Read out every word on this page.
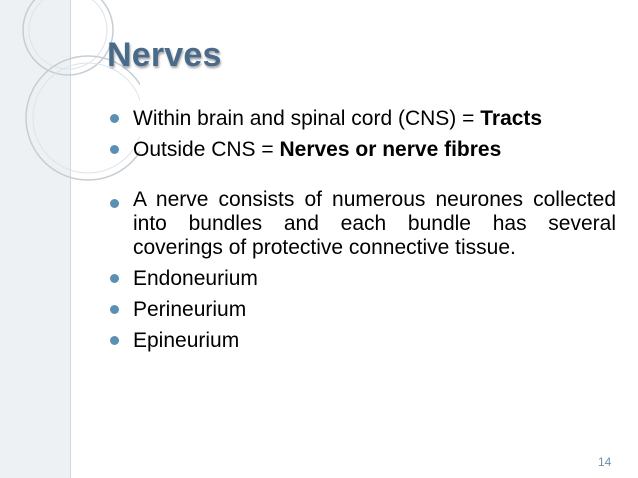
Nerves

Within brain and spinal cord (CNS) = Tracts

Outside CNS = Nerves or nerve fibres

A nerve consists of numerous neurones collected into bundles and each bundle has several coverings of protective connective tissue.

Endoneurium

Perineurium

Epineurium

14
